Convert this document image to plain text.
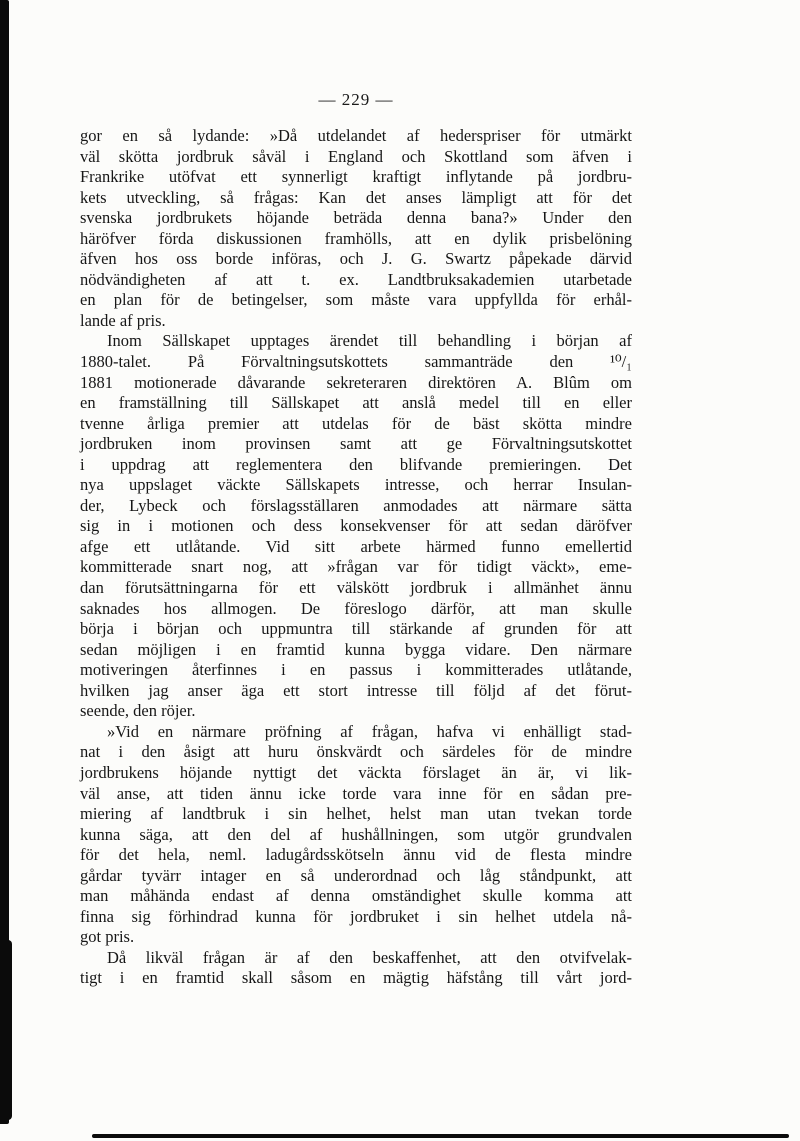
— 229 —
gor en så lydande: »Då utdelandet af hederspriser för utmärkt
väl skötta jordbruk såväl i England och Skottland som äfven i
Frankrike utöfvat ett synnerligt kraftigt inflytande på jordbru-
kets utveckling, så frågas: Kan det anses lämpligt att för det
svenska jordbrukets höjande beträda denna bana?» Under den
häröfver förda diskussionen framhölls, att en dylik prisbelöning
äfven hos oss borde införas, och J. G. Swartz påpekade därvid
nödvändigheten af att t. ex. Landtbruksakademien utarbetade
en plan för de betingelser, som måste vara uppfyllda för erhål-
lande af pris.
Inom Sällskapet upptages ärendet till behandling i början af
1880-talet. På Förvaltningsutskottets sammanträde den ¹⁰/₁
1881 motionerade dåvarande sekreteraren direktören A. Blûm om
en framställning till Sällskapet att anslå medel till en eller
tvenne årliga premier att utdelas för de bäst skötta mindre
jordbruken inom provinsen samt att ge Förvaltningsutskottet
i uppdrag att reglementera den blifvande premieringen. Det
nya uppslaget väckte Sällskapets intresse, och herrar Insulan-
der, Lybeck och förslagsställaren anmodades att närmare sätta
sig in i motionen och dess konsekvenser för att sedan däröfver
afge ett utlåtande. Vid sitt arbete härmed funno emellertid
kommitterade snart nog, att »frågan var för tidigt väckt», eme-
dan förutsättningarna för ett välskött jordbruk i allmänhet ännu
saknades hos allmogen. De föreslogo därför, att man skulle
börja i början och uppmuntra till stärkande af grunden för att
sedan möjligen i en framtid kunna bygga vidare. Den närmare
motiveringen återfinnes i en passus i kommitterades utlåtande,
hvilken jag anser äga ett stort intresse till följd af det förut-
seende, den röjer.
»Vid en närmare pröfning af frågan, hafva vi enhälligt stad-
nat i den åsigt att huru önskvärdt och särdeles för de mindre
jordbrukens höjande nyttigt det väckta förslaget än är, vi lik-
väl anse, att tiden ännu icke torde vara inne för en sådan pre-
miering af landtbruk i sin helhet, helst man utan tvekan torde
kunna säga, att den del af hushållningen, som utgör grundvalen
för det hela, neml. ladugårdsskötseln ännu vid de flesta mindre
gårdar tyvärr intager en så underordnad och låg ståndpunkt, att
man måhända endast af denna omständighet skulle komma att
finna sig förhindrad kunna för jordbruket i sin helhet utdela nå-
got pris.
Då likväl frågan är af den beskaffenhet, att den otvifvelak-
tigt i en framtid skall såsom en mägtig häfstång till vårt jord-
